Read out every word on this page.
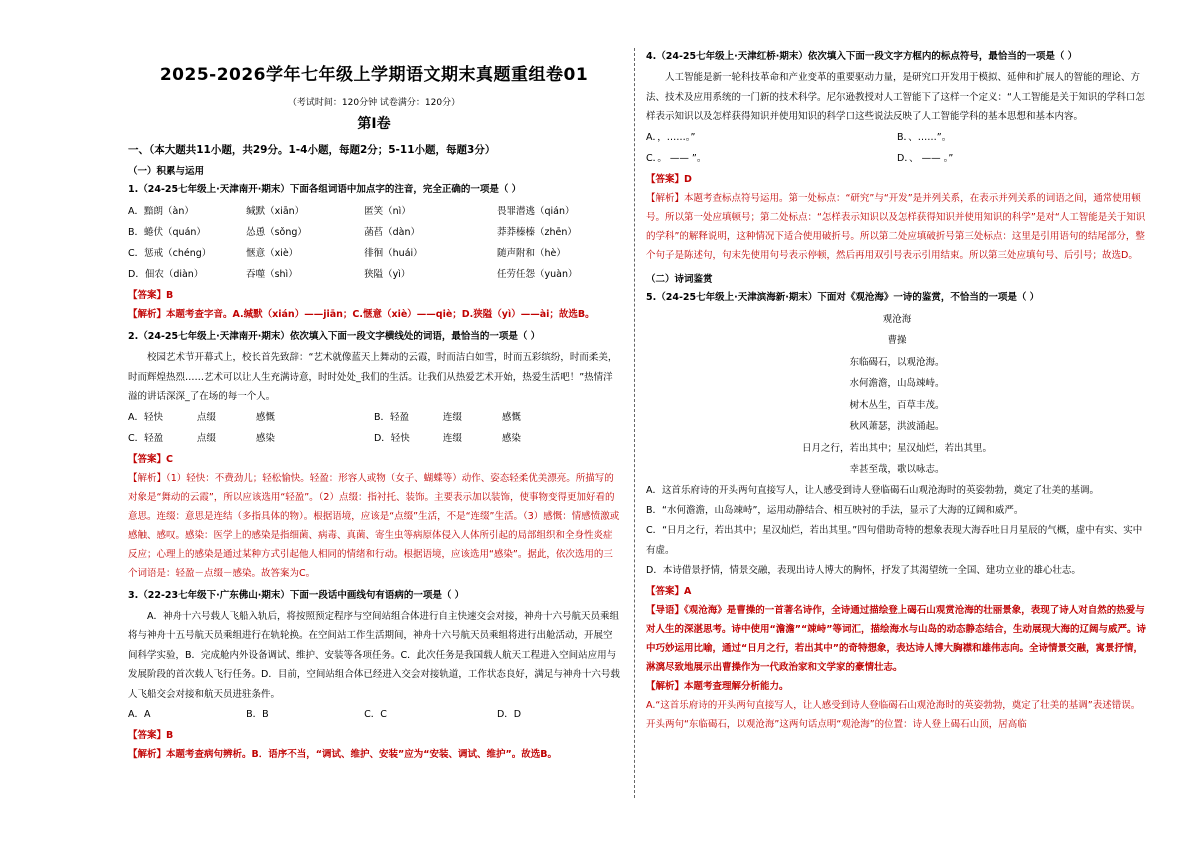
2025-2026学年七年级上学期语文期末真题重组卷01
（考试时间：120分钟 试卷满分：120分）
第Ⅰ卷
一、（本大题共11小题，共29分。1-4小题，每题2分；5-11小题，每题3分）
（一）积累与运用
1.（24-25七年级上·天津南开·期末）下面各组词语中加点字的注音，完全正确的一项是（ ）
A．黯朗（àn）	缄默（xiān）	匿笑（nì）	畏罪潜逃（qián）
B．蜷伏（quán）	怂恿（sǒng）	菡萏（dàn）	莽莽榛榛（zhēn）
C．惩戒（chéng）	惬意（xiè）	徘徊（huái）	随声附和（hè）
D．佃农（diàn）	吞噬（shì）	狭隘（yì）	任劳任怨（yuàn）
【答案】B
【解析】本题考查字音。A.缄默（xián）——jiān；C.惬意（xiè）——qiè；D.狭隘（yì）——ài；故选B。
2.（24-25七年级上·天津南开·期末）依次填入下面一段文字横线处的词语，最恰当的一项是（ ）

校园艺术节开幕式上，校长首先致辞：“艺术就像蓝天上舞动的云霞，时而洁白如雪，时而五彩缤纷，时而柔美，时而辉煌热烈……艺术可以让人生充满诗意，时时处处_我们的生活。让我们从热爱艺术开始，热爱生活吧！”热情洋溢的讲话深深_了在场的每一个人。

A．轻快	点缀	感慨	B．轻盈	连缀	感慨
C．轻盈	点缀	感染	D．轻快	连缀	感染
【答案】C
【解析】（1）轻快：不费劲儿；轻松愉快。轻盈：形容人或物（女子、蝴蝶等）动作、姿态轻柔优美漂亮。所描写的对象是“舞动的云霞”，所以应该选用“轻盈”。（2）点缀：指衬托、装饰。主要表示加以装饰，使事物变得更加好看的意思。连缀：意思是连结（多指具体的物）。根据语境，应该是“点缀”生活，不是“连缀”生活。（3）感慨：情感愤激或感触、感叹。感染：医学上的感染是指细菌、病毒、真菌、寄生虫等病原体侵入人体所引起的局部组织和全身性炎症反应；心理上的感染是通过某种方式引起他人相同的情绪和行动。根据语境，应该选用“感染”。据此，依次选用的三个词语是：轻盈－点缀－感染。故答案为C。
3.（22-23七年级下·广东佛山·期末）下面一段话中画线句有语病的一项是（ ）

A．神舟十六号载人飞船入轨后，将按照预定程序与空间站组合体进行自主快速交会对接，神舟十六号航天员乘组将与神舟十五号航天员乘组进行在轨轮换。在空间站工作生活期间，神舟十六号航天员乘组将进行出舱活动，开展空间科学实验，B．完成舱内外设备调试、维护、安装等各项任务。C．此次任务是我国载人航天工程进入空间站应用与发展阶段的首次载人飞行任务。D．目前，空间站组合体已经进入交会对接轨道，工作状态良好，满足与神舟十六号载人飞船交会对接和航天员进驻条件。

A．A	B．B	C．C	D．D
【答案】B
【解析】本题考查病句辨析。B．语序不当，“调试、维护、安装”应为“安装、调试、维护”。故选B。
4.（24-25七年级上·天津红桥·期末）依次填入下面一段文字方框内的标点符号，最恰当的一项是（ ）

人工智能是新一轮科技革命和产业变革的重要驱动力量，是研究口开发用于模拟、延伸和扩展人的智能的理论、方法、技术及应用系统的一门新的技术科学。尼尔逊教授对人工智能下了这样一个定义：“人工智能是关于知识的学科口怎样表示知识以及怎样获得知识并使用知识的科学口这些说法反映了人工智能学科的基本思想和基本内容。

A．，……。”	B．、……”。
C．。 —— ”。	D．、 —— 。”
【答案】D
【解析】本题考查标点符号运用。第一处标点：“研究”与“开发”是并列关系，在表示并列关系的词语之间，通常使用顿号。所以第一处应填顿号；第二处标点：“怎样表示知识以及怎样获得知识并使用知识的科学”是对“人工智能是关于知识的学科”的解释说明，这种情况下适合使用破折号。所以第二处应填破折号第三处标点：这里是引用语句的结尾部分，整个句子是陈述句，句末先使用句号表示停顿，然后再用双引号表示引用结束。所以第三处应填句号、后引号；故选D。
（二）诗词鉴赏
5.（24-25七年级上·天津滨海新·期末）下面对《观沧海》一诗的鉴赏，不恰当的一项是（ ）
观沧海
曹操
东临碣石，以观沧海。
水何澹澹，山岛竦峙。
树木丛生，百草丰茂。
秋风萧瑟，洪波涌起。
日月之行，若出其中；星汉灿烂，若出其里。
幸甚至哉，歌以咏志。

A．这首乐府诗的开头两句直接写人，让人感受到诗人登临碣石山观沧海时的英姿勃勃，奠定了壮美的基调。

B．“水何澹澹，山岛竦峙”，运用动静结合、相互映衬的手法，显示了大海的辽阔和威严。

C．“日月之行，若出其中；星汉灿烂，若出其里。”四句借助奇特的想象表现大海吞吐日月星辰的气概，虚中有实、实中有虚。

D．本诗借景抒情，情景交融，表现出诗人博大的胸怀，抒发了其渴望统一全国、建功立业的雄心壮志。

【答案】A
【导语】《观沧海》是曹操的一首著名诗作，全诗通过描绘登上碣石山观赏沧海的壮丽景象，表现了诗人对自然的热爱与对人生的深湛思考。诗中使用“澹澹”“竦峙”等词汇，描绘海水与山岛的动态静态结合，生动展现大海的辽阔与威严。诗中巧妙运用比喻，通过“日月之行，若出其中”的奇特想象，表达诗人博大胸襟和雄伟志向。全诗情景交融，寓景抒情，淋漓尽致地展示出曹操作为一代政治家和文学家的豪情壮志。
【解析】本题考查理解分析能力。
A.“这首乐府诗的开头两句直接写人，让人感受到诗人登临碣石山观沧海时的英姿勃勃，奠定了壮美的基调”表述错误。开头两句“东临碣石，以观沧海”这两句话点明“观沧海”的位置：诗人登上碣石山顶，居高临
